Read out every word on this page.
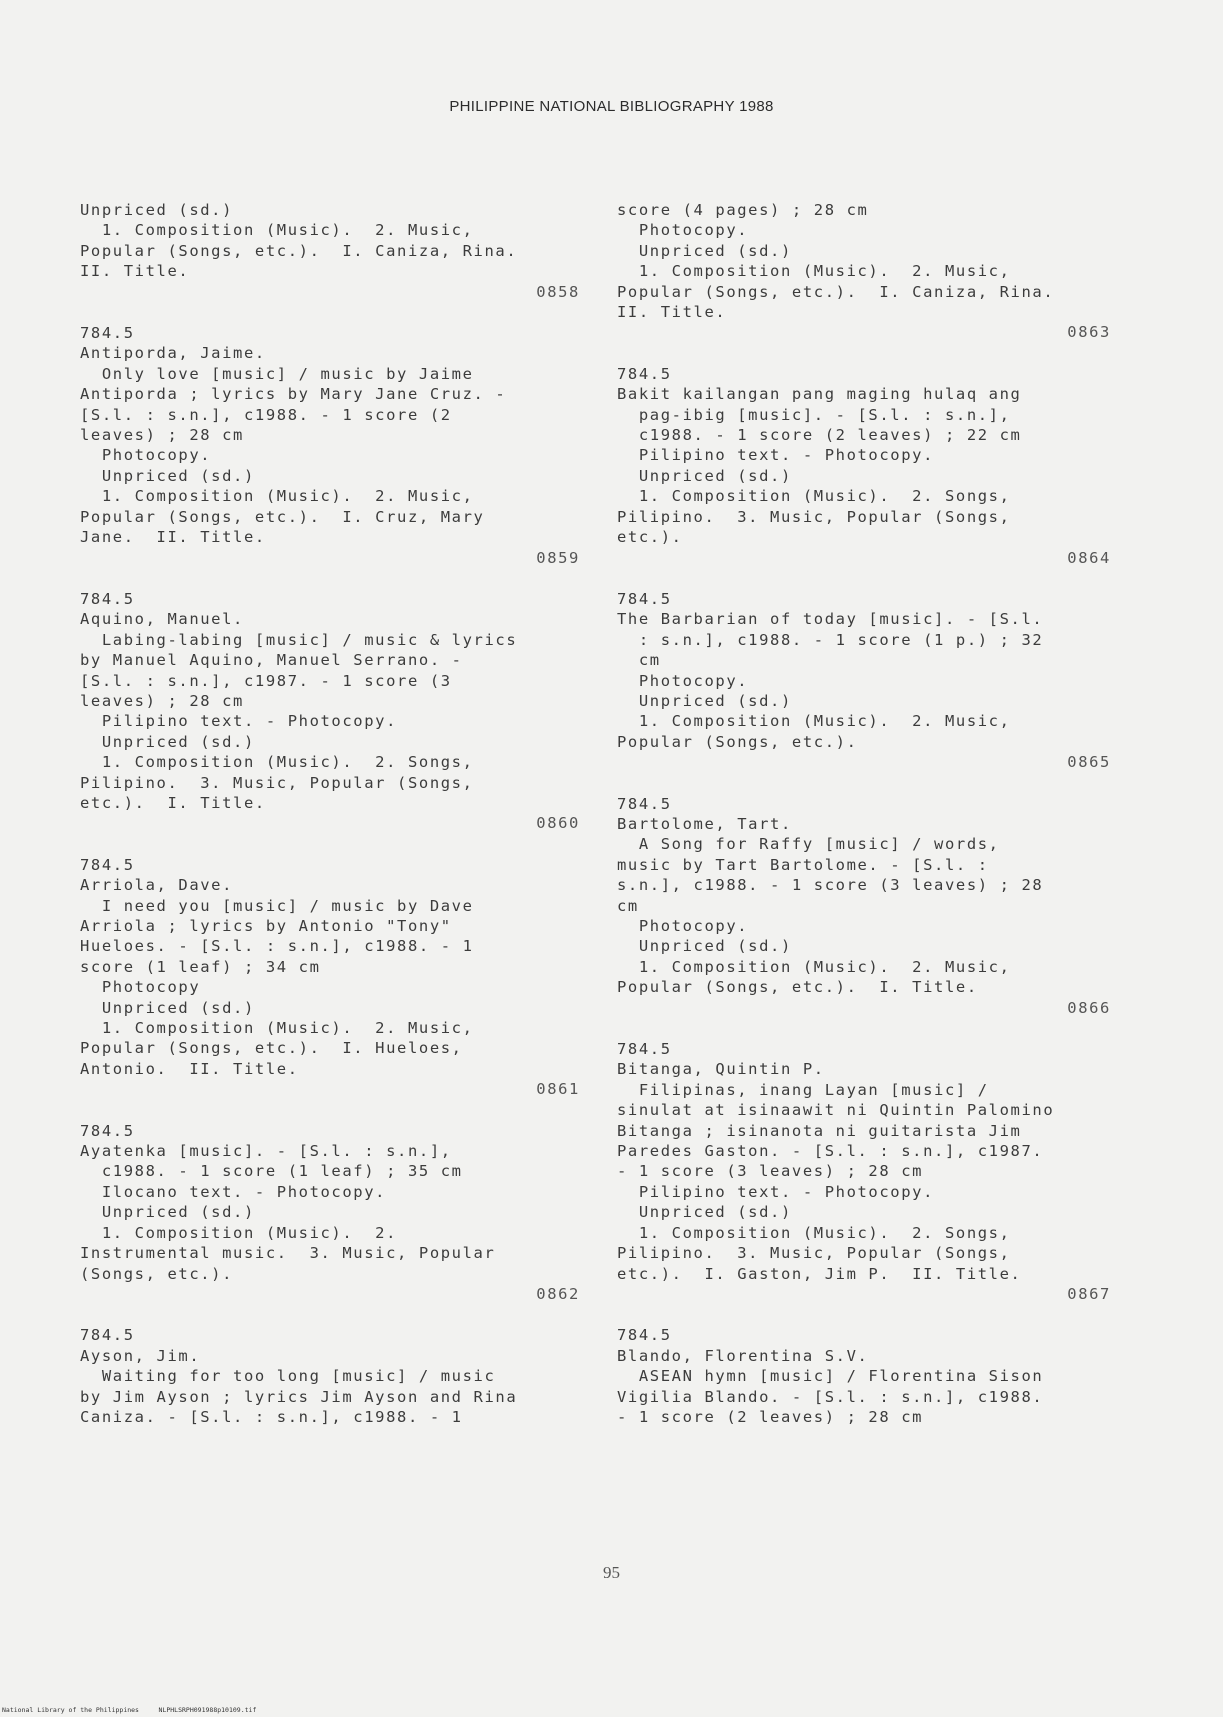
PHILIPPINE NATIONAL BIBLIOGRAPHY 1988
Unpriced (sd.)
1. Composition (Music).  2. Music,
Popular (Songs, etc.).  I. Caniza, Rina.
II. Title.
0858
784.5
Antiporda, Jaime.
Only love [music] / music by Jaime
Antiporda ; lyrics by Mary Jane Cruz. -
[S.l. : s.n.], c1988. - 1 score (2
leaves) ; 28 cm
Photocopy.
Unpriced (sd.)
1. Composition (Music).  2. Music,
Popular (Songs, etc.).  I. Cruz, Mary
Jane.  II. Title.
0859
784.5
Aquino, Manuel.
Labing-labing [music] / music & lyrics
by Manuel Aquino, Manuel Serrano. -
[S.l. : s.n.], c1987. - 1 score (3
leaves) ; 28 cm
Pilipino text. - Photocopy.
Unpriced (sd.)
1. Composition (Music).  2. Songs,
Pilipino.  3. Music, Popular (Songs,
etc.).  I. Title.
0860
784.5
Arriola, Dave.
I need you [music] / music by Dave
Arriola ; lyrics by Antonio "Tony"
Hueloes. - [S.l. : s.n.], c1988. - 1
score (1 leaf) ; 34 cm
Photocopy
Unpriced (sd.)
1. Composition (Music).  2. Music,
Popular (Songs, etc.).  I. Hueloes,
Antonio.  II. Title.
0861
784.5
Ayatenka [music]. - [S.l. : s.n.],
c1988. - 1 score (1 leaf) ; 35 cm
Ilocano text. - Photocopy.
Unpriced (sd.)
1. Composition (Music).  2.
Instrumental music.  3. Music, Popular
(Songs, etc.).
0862
784.5
Ayson, Jim.
Waiting for too long [music] / music
by Jim Ayson ; lyrics Jim Ayson and Rina
Caniza. - [S.l. : s.n.], c1988. - 1
score (4 pages) ; 28 cm
Photocopy.
Unpriced (sd.)
1. Composition (Music).  2. Music,
Popular (Songs, etc.).  I. Caniza, Rina.
II. Title.
0863
784.5
Bakit kailangan pang maging hulaq ang
pag-ibig [music]. - [S.l. : s.n.],
c1988. - 1 score (2 leaves) ; 22 cm
Pilipino text. - Photocopy.
Unpriced (sd.)
1. Composition (Music).  2. Songs,
Pilipino.  3. Music, Popular (Songs,
etc.).
0864
784.5
The Barbarian of today [music]. - [S.l.
: s.n.], c1988. - 1 score (1 p.) ; 32
cm
Photocopy.
Unpriced (sd.)
1. Composition (Music).  2. Music,
Popular (Songs, etc.).
0865
784.5
Bartolome, Tart.
A Song for Raffy [music] / words,
music by Tart Bartolome. - [S.l. :
s.n.], c1988. - 1 score (3 leaves) ; 28
cm
Photocopy.
Unpriced (sd.)
1. Composition (Music).  2. Music,
Popular (Songs, etc.).  I. Title.
0866
784.5
Bitanga, Quintin P.
Filipinas, inang Layan [music] /
sinulat at isinaawit ni Quintin Palomino
Bitanga ; isinanota ni guitarista Jim
Paredes Gaston. - [S.l. : s.n.], c1987.
- 1 score (3 leaves) ; 28 cm
Pilipino text. - Photocopy.
Unpriced (sd.)
1. Composition (Music).  2. Songs,
Pilipino.  3. Music, Popular (Songs,
etc.).  I. Gaston, Jim P.  II. Title.
0867
784.5
Blando, Florentina S.V.
ASEAN hymn [music] / Florentina Sison
Vigilia Blando. - [S.l. : s.n.], c1988.
- 1 score (2 leaves) ; 28 cm
95
National Library of the Philippines     NLPHLSRPH091988p10109.tif
